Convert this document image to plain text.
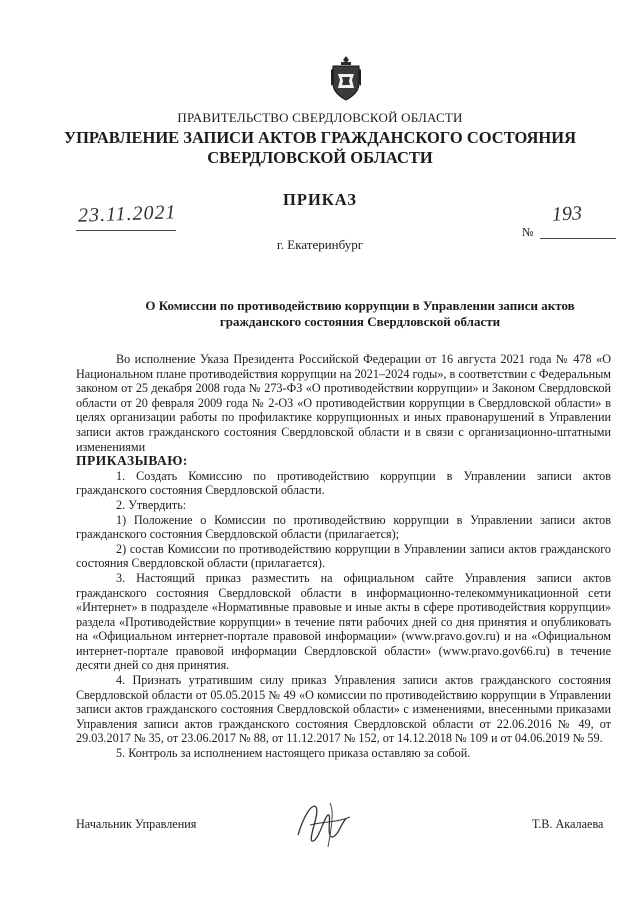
ПРАВИТЕЛЬСТВО СВЕРДЛОВСКОЙ ОБЛАСТИ
УПРАВЛЕНИЕ ЗАПИСИ АКТОВ ГРАЖДАНСКОГО СОСТОЯНИЯ
СВЕРДЛОВСКОЙ ОБЛАСТИ
ПРИКАЗ
23.11.2021
№
193
г. Екатеринбург
О Комиссии по противодействию коррупции в Управлении записи актов
гражданского состояния Свердловской области

Во исполнение Указа Президента Российской Федерации от 16 августа 2021 года № 478 «О Национальном плане противодействия коррупции на 2021–2024 годы», в соответствии с Федеральным законом от 25 декабря 2008 года № 273-ФЗ «О противодействии коррупции» и Законом Свердловской области от 20 февраля 2009 года № 2-ОЗ «О противодействии коррупции в Свердловской области» в целях организации работы по профилактике коррупционных и иных правонарушений в Управлении записи актов гражданского состояния Свердловской области и в связи с организационно-штатными изменениями

ПРИКАЗЫВАЮ:

1. Создать Комиссию по противодействию коррупции в Управлении записи актов гражданского состояния Свердловской области.

2. Утвердить:

1) Положение о Комиссии по противодействию коррупции в Управлении записи актов гражданского состояния Свердловской области (прилагается);

2) состав Комиссии по противодействию коррупции в Управлении записи актов гражданского состояния Свердловской области (прилагается).

3. Настоящий приказ разместить на официальном сайте Управления записи актов гражданского состояния Свердловской области в информационно-телекоммуникационной сети «Интернет» в подразделе «Нормативные правовые и иные акты в сфере противодействия коррупции» раздела «Противодействие коррупции» в течение пяти рабочих дней со дня принятия и опубликовать на «Официальном интернет-портале правовой информации» (www.pravo.gov.ru) и на «Официальном интернет-портале правовой информации Свердловской области» (www.pravo.gov66.ru) в течение десяти дней со дня принятия.

4. Признать утратившим силу приказ Управления записи актов гражданского состояния Свердловской области от 05.05.2015 № 49 «О комиссии по противодействию коррупции в Управлении записи актов гражданского состояния Свердловской области» с изменениями, внесенными приказами Управления записи актов гражданского состояния Свердловской области от 22.06.2016 № 49, от 29.03.2017 № 35, от 23.06.2017 № 88, от 11.12.2017 № 152, от 14.12.2018 № 109 и от 04.06.2019 № 59.

5. Контроль за исполнением настоящего приказа оставляю за собой.

Начальник Управления	Т.В. Акалаева
